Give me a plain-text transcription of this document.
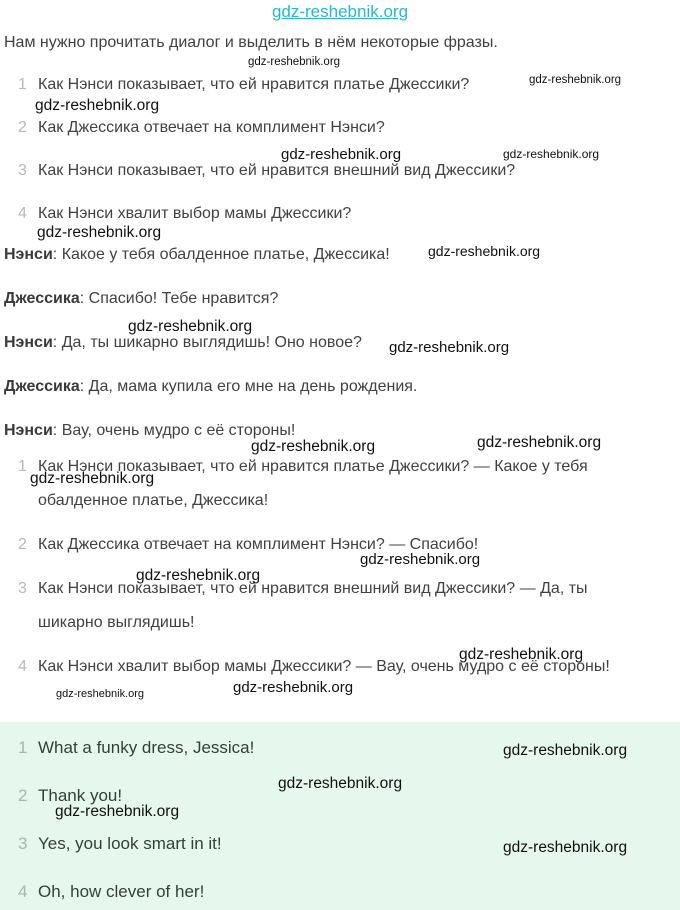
gdz-reshebnik.org

Нам нужно прочитать диалог и выделить в нём некоторые фразы.

1 Как Нэнси показывает, что ей нравится платье Джессики?
2 Как Джессика отвечает на комплимент Нэнси?
3 Как Нэнси показывает, что ей нравится внешний вид Джессики?
4 Как Нэнси хвалит выбор мамы Джессики?

Нэнси: Какое у тебя обалденное платье, Джессика!

Джессика: Спасибо! Тебе нравится?

Нэнси: Да, ты шикарно выглядишь! Оно новое?

Джессика: Да, мама купила его мне на день рождения.

Нэнси: Вау, очень мудро с её стороны!

1 Как Нэнси показывает, что ей нравится платье Джессики? — Какое у тебя обалденное платье, Джессика!
2 Как Джессика отвечает на комплимент Нэнси? — Спасибо!
3 Как Нэнси показывает, что ей нравится внешний вид Джессики? — Да, ты шикарно выглядишь!
4 Как Нэнси хвалит выбор мамы Джессики? — Вау, очень мудро с её стороны!
1 What a funky dress, Jessica!
2 Thank you!
3 Yes, you look smart in it!
4 Oh, how clever of her!
gdz-reshebnik.org
gdz-reshebnik.org
gdz-reshebnik.org
gdz-reshebnik.org	gdz-reshebnik.org
gdz-reshebnik.org
gdz-reshebnik.org
gdz-reshebnik.org
gdz-reshebnik.org
gdz-reshebnik.org	gdz-reshebnik.org
gdz-reshebnik.org
gdz-reshebnik.org
gdz-reshebnik.org
gdz-reshebnik.org
gdz-reshebnik.org
gdz-reshebnik.org
gdz-reshebnik.org
gdz-reshebnik.org
gdz-reshebnik.org
gdz-reshebnik.org
